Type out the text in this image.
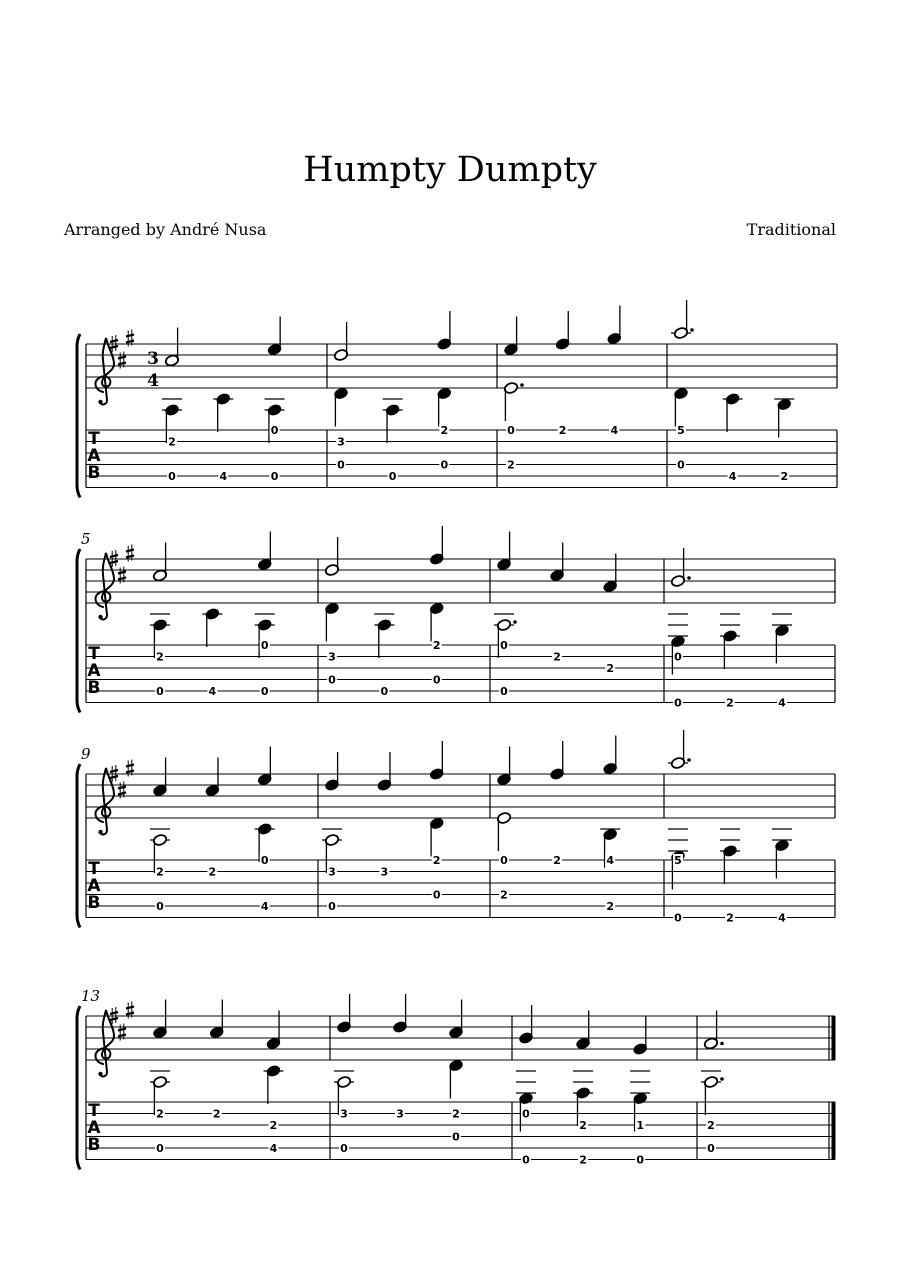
Humpty Dumpty
Arranged by André Nusa	Traditional
3
4
T
A
B
2
0
0	4	0
3
2
0
0
0
0	2	4
2
5
0
4	2
5
T
A
B
2
0
0	4	0
3
2
0
0
0
0
2
2
0
0
0	2	4
9
T
A
B
2	2
0
0	4
3	3
2
0
0
0	2	4
2
2
5
0	2	4
13
T
A
B
2	2
2
0	4
3	3	2
0
0
0
2	1
0	2	0
2
0
